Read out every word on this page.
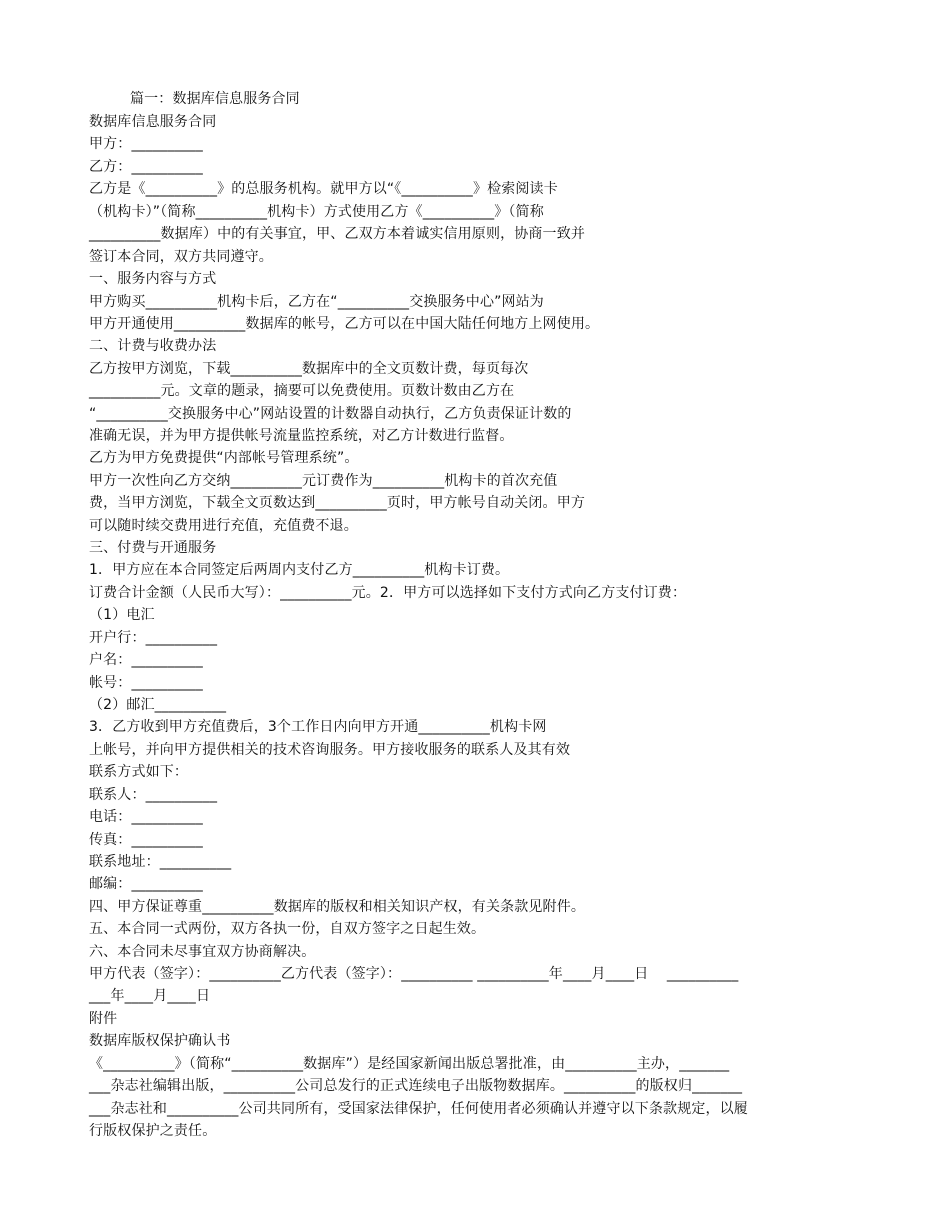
篇一：数据库信息服务合同
数据库信息服务合同
甲方：__________
乙方：__________
乙方是《__________》的总服务机构。就甲方以“《__________》检索阅读卡
（机构卡）”（简称__________机构卡）方式使用乙方《__________》（简称
__________数据库）中的有关事宜，甲、乙双方本着诚实信用原则，协商一致并
签订本合同，双方共同遵守。
一、服务内容与方式
甲方购买__________机构卡后，乙方在“__________交换服务中心”网站为
甲方开通使用__________数据库的帐号，乙方可以在中国大陆任何地方上网使用。
二、计费与收费办法
乙方按甲方浏览，下载__________数据库中的全文页数计费，每页每次
__________元。文章的题录，摘要可以免费使用。页数计数由乙方在
“__________交换服务中心”网站设置的计数器自动执行，乙方负责保证计数的
准确无误，并为甲方提供帐号流量监控系统，对乙方计数进行监督。
乙方为甲方免费提供“内部帐号管理系统”。
甲方一次性向乙方交纳__________元订费作为__________机构卡的首次充值
费，当甲方浏览，下载全文页数达到__________页时，甲方帐号自动关闭。甲方
可以随时续交费用进行充值，充值费不退。
三、付费与开通服务
1．甲方应在本合同签定后两周内支付乙方__________机构卡订费。
订费合计金额（人民币大写）：__________元。2．甲方可以选择如下支付方式向乙方支付订费：
（1）电汇
开户行：__________
户名：__________
帐号：__________
（2）邮汇__________
3．乙方收到甲方充值费后，3个工作日内向甲方开通__________机构卡网
上帐号，并向甲方提供相关的技术咨询服务。甲方接收服务的联系人及其有效
联系方式如下：
联系人：__________
电话：__________
传真：__________
联系地址：__________
邮编：__________
四、甲方保证尊重__________数据库的版权和相关知识产权，有关条款见附件。
五、本合同一式两份，双方各执一份，自双方签字之日起生效。
六、本合同未尽事宜双方协商解决。
甲方代表（签字）：__________乙方代表（签字）：__________ __________年____月____日    __________
___年____月____日
附件
数据库版权保护确认书
《__________》（简称“__________数据库”）是经国家新闻出版总署批准，由__________主办，_______
___杂志社编辑出版，__________公司总发行的正式连续电子出版物数据库。__________的版权归_______
___杂志社和__________公司共同所有，受国家法律保护，任何使用者必须确认并遵守以下条款规定，以履
行版权保护之责任。
